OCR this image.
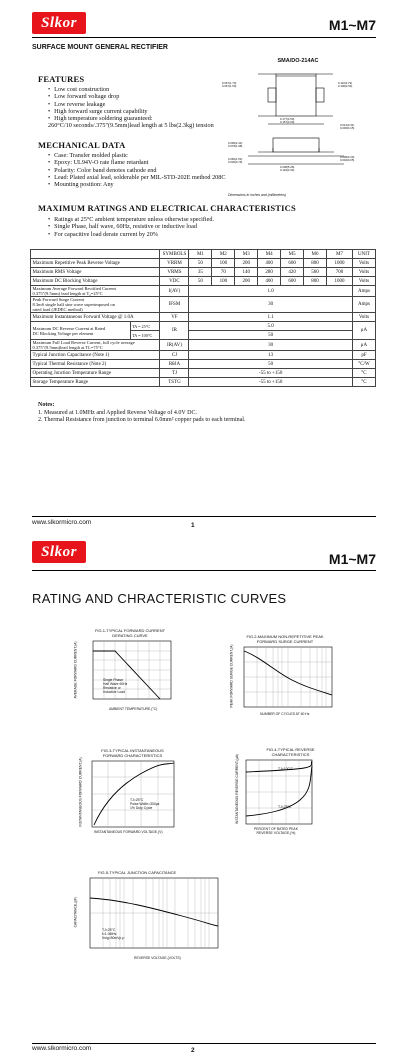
Slkor	M1~M7
SURFACE MOUNT GENERAL RECTIFIER
SMA/DO-214AC
0.067(1.70)
0.067(1.50)
0.110(2.79)
0.100(2.54)
0.177(4.50)
0.157(4.00)
0.012(0.31)
0.006(0.15)
0.096(2.44)
0.078(1.98)
0.060(1.52)
0.030(0.76)
0.008(0.20)
0.002(0.05)
0.208(5.28)
0.194(4.93)
Dimensions in inches and (millimeters)
FEATURES
• Low cost construction
• Low forward voltage drop
• Low reverse leakage
• High forward surge current capability
• High temperature soldering guaranteed:
260°C/10 seconds/.375"(9.5mm)lead length at 5 lbs(2.3kg) tension
MECHANICAL DATA
• Case: Transfer molded plastic
• Epoxy: UL94V-O rate flame retardant
• Polarity: Color band denotes cathode end
• Lead: Plated axial lead, solderable per MIL-STD-202E method 208C
• Mounting position: Any
MAXIMUM RATINGS AND ELECTRICAL CHARACTERISTICS
• Ratings at 25°C ambient temperature unless otherwise specified.
• Single Phase, half wave, 60Hz, resistive or inductive load
• For capacitive load derate current by 20%
		SYMBOLS	M1	M2	M3	M4	M5	M6	M7	UNIT
Maximum Repetitive Peak Reverse Voltage		VRRM	50	100	200	400	600	800	1000	Volts
Maximum RMS Voltage		VRMS	35	70	140	280	420	560	700	Volts
Maximum DC Blocking Voltage		VDC	50	100	200	400	600	800	1000	Volts
Maximum Average Forward Rectified Current
0.375"(9.5mm) lead length at T₂=25°C		I(AV)	1.0							Amps
Peak Forward Surge Current
8.3mS single half sine wave superimposed on
rated load (JEDEC method)		IFSM	30							Amps
Maximum Instantaneous Forward Voltage @ 1.0A		VF	1.1							Volts
Maximum DC Reverse Current at Rated
DC Blocking Voltage per element	TA = 25°C	IR	5.0							μA
	TA = 100°C		50							
Maximum Full Load Reverse Current, full cycle average
0.375"(9.5mm)lead length at TL=75°C		IR(AV)	30							μA
Typical Junction Capacitance (Note 1)		CJ	13							pF
Typical Thermal Resistance (Note 2)		RθJA	50							°C/W
Operating Junction Temperature Range		TJ	-55 to +150							°C
Storage Temperature Range		TSTG	-55 to +150							°C
Notes:
1. Measured at 1.0MHz and Applied Reverse Voltage of 4.0V DC.
2. Thermal Resistance from junction to terminal 6.0mm² copper pads to each terminal.
www.slkormicro.com	1
Slkor	M1~M7
RATING AND CHRACTERISTIC CURVES
FIG.1-TYPICAL FORWARD CURRENT
DERATING CURVE
Single Phase
Half Wave 60Hz
Resistive or
Inductive Load
AMBIENT TEMPERATURE,(°C)
AVERAGE FORWARD CURRENT,(A)
FIG.2-MAXIMUM NON-REPETITIVE PEAK
FORWARD SURGE CURRENT
NUMBER OF CYCLES AT 60 Hz
PEAK FORWARD SURGE CURRENT,(A)
FIG.3-TYPICAL INSTANTANEOUS
FORWARD CHARACTERISTICS
TJ=25°C
Pulse Width=300μs
1% Duty Cycle
INSTANTANEOUS FORWARD VOLTAGE,(V)
INSTANTANEOUS FORWARD CURRENT,(A)
FIG.4-TYPICAL REVERSE
CHARACTERISTICS
TJ=100°C
TJ=25°C
PERCENT OF RATED PEAK
REVERSE VOLTAGE,(%)
INSTANTANEOUS REVERSE CURRENT,(μA)
FIG.5-TYPICAL JUNCTION CAPACITANCE
TJ=25°C
f=1.0MHz
Vsig=50mVp-p
REVERSE VOLTAGE,(VOLTS)
CAPACITANCE,(pF)
www.slkormicro.com	2
